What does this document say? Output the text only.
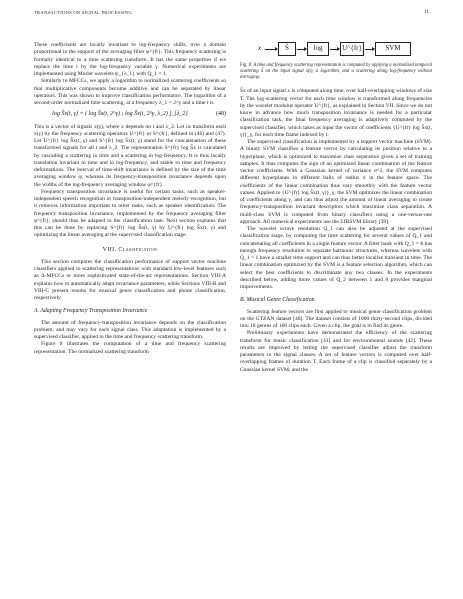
TRANSACTIONS ON SIGNAL PROCESSING	11

These coefficients are locally invariant to log-frequency shifts, over a domain proportional to the support of the averaging filter φ^{fr}. This frequency scattering is formally identical to a time scattering transform. It has the same properties if we replace the time t by the log-frequency variable γ. Numerical experiments are implemented using Morlet wavelets ψ_{λ_1} with Q_1 = 1.

Similarly to MFCCs, we apply a logarithm to normalized scattering coefficients so that multiplicative components become additive and can be separated by linear operators. This was shown to improve classification performance. The logarithm of a second-order normalized time scattering, at a frequency λ_1 = 2^γ and a time t is

log S̃x(t, γ) = ( log S̃x(t, 2^γ) ; log S̃x(t, 2^γ, λ_2) )_{λ_2}	(48)

This is a vector of signals x(γ), where x depends on t and λ_2. Let us transform each x(γ) by the frequency scattering operators U^{fr} or S^{fr}, defined in (46) and (47). Let U^{fr} log S̃x(t, γ) and S^{fr} log S̃x(t, γ) stand for the concatenation of these transformed signals for all t and λ_2. The representation S^{fr} log S̃x is calculated by cascading a scattering in time and a scattering in log-frequency. It is thus locally translation invariant in time and in log-frequency, and stable to time and frequency deformations. The interval of time-shift invariance is defined by the size of the time averaging window φ, whereas its frequency-transposition invariance depends upon the widths of the log-frequency averaging window φ^{fr}.

Frequency transposition invariance is useful for certain tasks, such as speaker-independent speech recognition or transposition-independent melody recognition, but it removes information important to other tasks, such as speaker identification. The frequency transposition invariance, implemented by the frequency averaging filter φ^{fr}, should thus be adapted to the classification task. Next section explains that this can be done by replacing S^{fr} log S̃x(t, γ) by U^{fr} log S̃x(t, γ) and optimizing the linear averaging at the supervised classification stage.

VIII. Classification

This section compares the classification performance of support vector machine classifiers applied to scattering representations with standard low-level features such as Δ-MFCCs or more sophisticated state-of-the-art representations. Section VIII-A explains how to automatically adapt invariance parameters, while Sections VIII-B and VIII-C present results for musical genre classification and phone classification, respectively.

A. Adapting Frequency Transposition Invariance

The amount of frequency-transposition invariance depends on the classification problem, and may vary for each signal class. This adaptation is implemented by a supervised classifier, applied to the time and frequency scattering transform.

Figure 8 illustrates the computation of a time and frequency scattering representation. The normalized scattering transform

x	S̃	log	U^{fr}	SVM
Fig. 8. A time and frequency scattering representation is computed by applying a normalized temporal scattering S̃ on the input signal x(t), a logarithm, and a scattering along log-frequency without averaging.

S̃x of an input signal x is computed along time, over half-overlapping windows of size T. The log-scattering vector for each time window is transformed along frequencies by the wavelet modulus operator U^{fr}, as explained in Section VII. Since we do not know in advance how much transposition invariance is needed for a particular classification task, the final frequency averaging is adaptively computed by the supervised classifier, which takes as input the vector of coefficients {U^{fr} log S̃x(t, γ)}_γ, for each time frame indexed by t.

The supervised classification is implemented by a support vector machine (SVM). A binary SVM classifies a feature vector by calculating its position relative to a hyperplane, which is optimized to maximize class separation given a set of training samples. It thus computes the sign of an optimized linear combination of the feature vector coefficients. With a Gaussian kernel of variance σ^2, the SVM computes different hyperplanes in different balls of radius σ in the feature space. The coefficients of the linear combination thus vary smoothly with the feature vector values. Applied to {U^{fr} log S̃x(t, γ)}_γ, the SVM optimizes the linear combination of coefficients along γ, and can thus adjust the amount of linear averaging to create frequency-transposition invariant descriptors which maximize class separation. A multi-class SVM is computed from binary classifiers using a one-versus-one approach. All numerical experiments use the LIBSVM library [39].

The wavelet octave resolution Q_1 can also be adjusted at the supervised classification stage, by computing the time scattering for several values of Q_1 and concatenating all coefficients in a single feature vector. A filter bank with Q_1 = 8 has enough frequency resolution to separate harmonic structures, whereas wavelets with Q_1 = 1 have a smaller time support and can thus better localize transient in time. The linear combination optimized by the SVM is a feature selection algorithm, which can select the best coefficients to discriminate any two classes. In the experiments described below, adding more values of Q_2 between 1 and 8 provides marginal improvements.

B. Musical Genre Classification

Scattering feature vectors are first applied to musical genre classification problem on the GTZAN dataset [40]. The dataset consists of 1000 thirty-second clips, divided into 10 genres of 100 clips each. Given a clip, the goal is to find its genre.

Preliminary experiments have demonstrated the efficiency of the scattering transform for music classification [41] and for environmental sounds [42]. These results are improved by letting the supervised classifier adjust the transform parameters to the signal classes. A set of feature vectors is computed over half-overlapping frames of duration T. Each frame of a clip is classified separately by a Gaussian kernel SVM, and the
